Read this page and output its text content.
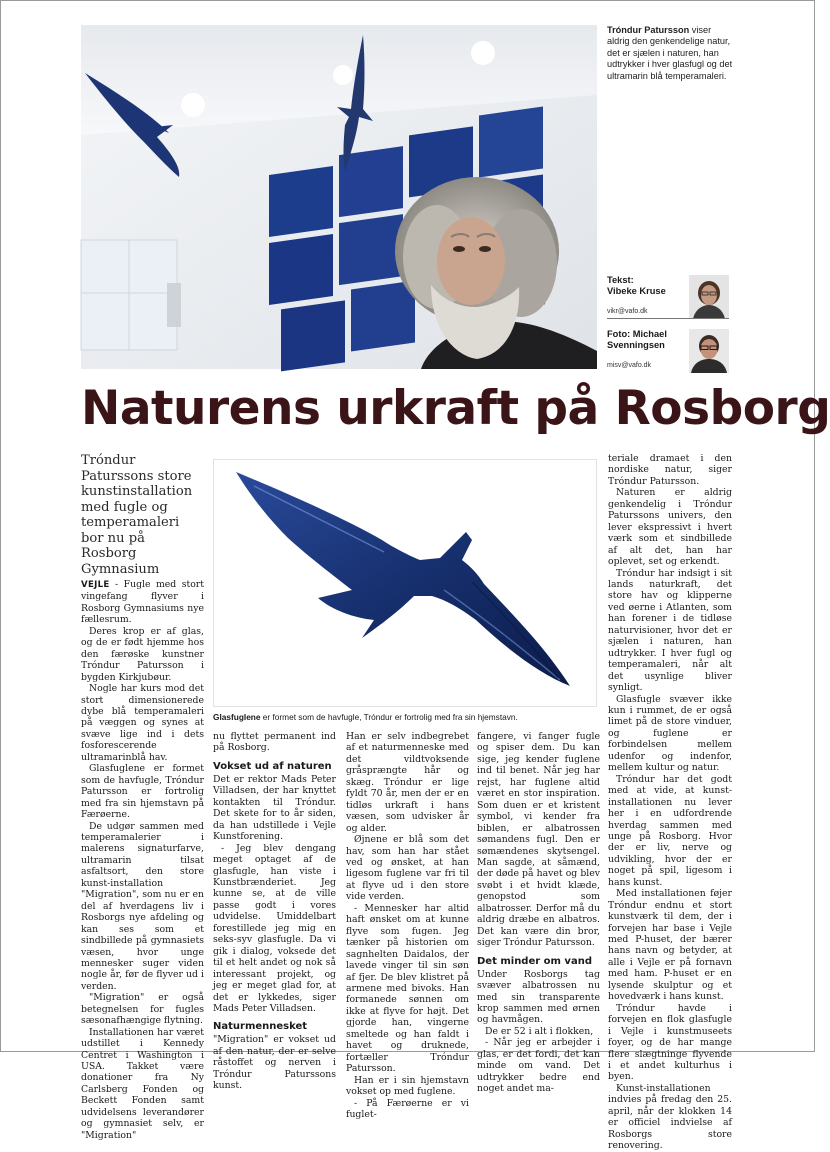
Tróndur Patursson viser aldrig den genkendelige natur, det er sjælen i naturen, han udtrykker i hver glasfugl og det ultramarin blå temperamaleri.
Tekst:
Vibeke Kruse
vikr@vafo.dk
Foto: Michael
Svenningsen
misv@vafo.dk
Naturens urkraft på Rosborg
Tróndur Paturssons store kunstinstallation med fugle og temperamaleri bor nu på Rosborg Gymnasium
Glasfuglene er formet som de havfugle, Tróndur er fortrolig med fra sin hjemstavn.

VEJLE - Fugle med stort vingefang flyver i Rosborg Gymnasiums nye fællesrum.

Deres krop er af glas, og de er født hjemme hos den færøske kunstner Tróndur Patursson i bygden Kirkjubøur.

Nogle har kurs mod det stort dimensionerede dybe blå temperamaleri på væggen og synes at svæve lige ind i dets fosforescerende ultramarinblå hav.

Glasfuglene er formet som de havfugle, Tróndur Patursson er fortrolig med fra sin hjemstavn på Færøerne.

De udgør sammen med temperamalerier i malerens signaturfarve, ultramarin tilsat asfaltsort, den store kunst-installation "Migration", som nu er en del af hverdagens liv i Rosborgs nye afdeling og kan ses som et sindbillede på gymnasiets væsen, hvor unge mennesker suger viden nogle år, før de flyver ud i verden.

"Migration" er også betegnelsen for fugles sæsonafhængige flytning.

Installationen har været udstillet i Kennedy Centret i Washington i USA. Takket være donationer fra Ny Carlsberg Fonden og Beckett Fonden samt udvidelsens leverandører og gymnasiet selv, er "Migration"

nu flyttet permanent ind på Rosborg.

Vokset ud af naturen

Det er rektor Mads Peter Villadsen, der har knyttet kontakten til Tróndur. Det skete for to år siden, da han udstillede i Vejle Kunstforening.

- Jeg blev dengang meget optaget af de glasfugle, han viste i Kunstbrænderiet. Jeg kunne se, at de ville passe godt i vores udvidelse. Umiddelbart forestillede jeg mig en seks-syv glasfugle. Da vi gik i dialog, voksede det til et helt andet og nok så interessant projekt, og jeg er meget glad for, at det er lykkedes, siger Mads Peter Villadsen.

Naturmennesket

"Migration" er vokset ud af den natur, der er selve råstoffet og nerven i Tróndur Paturssons kunst.

Han er selv indbegrebet af et naturmenneske med det vildtvoksende gråsprængte hår og skæg. Tróndur er lige fyldt 70 år, men der er en tidløs urkraft i hans væsen, som udvisker år og alder.

Øjnene er blå som det hav, som han har stået ved og ønsket, at han ligesom fuglene var fri til at flyve ud i den store vide verden.

- Mennesker har altid haft ønsket om at kunne flyve som fugen. Jeg tænker på historien om sagnhelten Daidalos, der lavede vinger til sin søn af fjer. De blev klistret på armene med bivoks. Han formanede sønnen om ikke at flyve for højt. Det gjorde han, vingerne smeltede og han faldt i havet og druknede, fortæller Tróndur Patursson.

Han er i sin hjemstavn vokset op med fuglene.

- På Færøerne er vi fuglet-

fangere, vi fanger fugle og spiser dem. Du kan sige, jeg kender fuglene ind til benet. Når jeg har rejst, har fuglene altid været en stor inspiration. Som duen er et kristent symbol, vi kender fra biblen, er albatrossen sømandens fugl. Den er sømændenes skytsengel. Man sagde, at såmænd, der døde på havet og blev svøbt i et hvidt klæde, genopstod som albatrosser. Derfor må du aldrig dræbe en albatros. Det kan være din bror, siger Tróndur Patursson.

Det minder om vand

Under Rosborgs tag svæver albatrossen nu med sin transparente krop sammen med ørnen og havmågen.

De er 52 i alt i flokken,

- Når jeg er arbejder i glas, er det fordi, det kan minde om vand. Det udtrykker bedre end noget andet ma-

teriale dramaet i den nordiske natur, siger Tróndur Patursson.

Naturen er aldrig genkendelig i Tróndur Paturssons univers, den lever ekspressivt i hvert værk som et sindbillede af alt det, han har oplevet, set og erkendt.

Tróndur har indsigt i sit lands naturkraft, det store hav og klipperne ved øerne i Atlanten, som han forener i de tidløse naturvisioner, hvor det er sjælen i naturen, han udtrykker. I hver fugl og temperamaleri, når alt det usynlige bliver synligt.

Glasfugle svæver ikke kun i rummet, de er også limet på de store vinduer, og fuglene er forbindelsen mellem udenfor og indenfor, mellem kultur og natur.

Tróndur har det godt med at vide, at kunst-installationen nu lever her i en udfordrende hverdag sammen med unge på Rosborg. Hvor der er liv, nerve og udvikling, hvor der er noget på spil, ligesom i hans kunst.

Med installationen føjer Tróndur endnu et stort kunstværk til dem, der i forvejen har base i Vejle med P-huset, der bærer hans navn og betyder, at alle i Vejle er på fornavn med ham. P-huset er en lysende skulptur og et hovedværk i hans kunst.

Tróndur havde i forvejen en flok glasfugle i Vejle i kunstmuseets foyer, og de har mange flere slægtninge flyvende i et andet kulturhus i byen.

Kunst-installationen indvies på fredag den 25. april, når der klokken 14 er officiel indvielse af Rosborgs store renovering.
